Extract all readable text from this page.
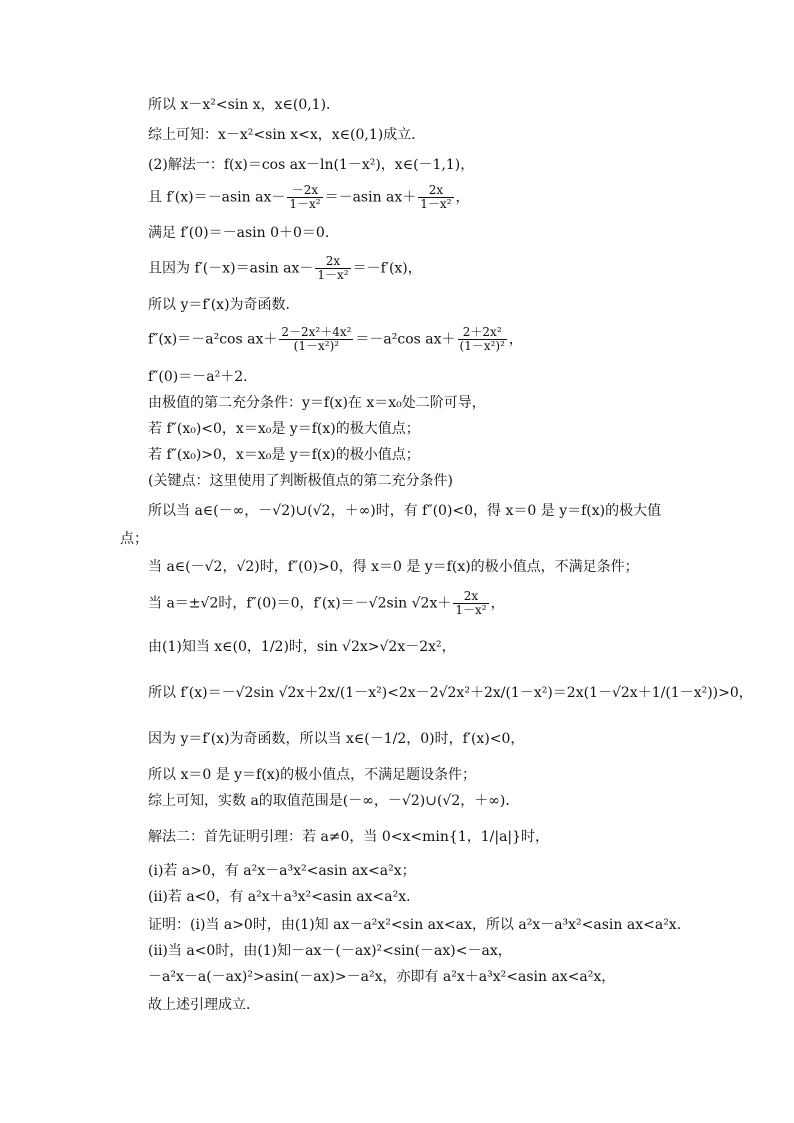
所以 x－x²<sin x，x∈(0,1)．
综上可知：x－x²<sin x<x，x∈(0,1)成立．
(2)解法一：f(x)＝cos ax－ln(1－x²)，x∈(－1,1)，
且 f′(x)＝－asin $ax- \frac{-2x}{\text{1－x²}} =-asin$ $ax+ \frac{2x}{\text{1－x²}}$ ，
满足 f′(0)＝－asin 0＋0＝0.
且因为 f′(－x)＝asin $ax- \frac{2x}{\text{1－x²}} =-f'(x)$，
所以 y＝f′(x)为奇函数．
f″(x)＝－a²cos $ax+ \frac{\text{2－2x²＋4x²}}{\text{(1－x²)²}} =-a^2\cos$ $ax+ \frac{\text{2＋2x²}}{\text{(1－x²)²}}$ ，
f″(0)＝－a²＋2.
由极值的第二充分条件：y＝f(x)在 x＝x₀处二阶可导，
若 f″(x₀)<0，x＝x₀是 y＝f(x)的极大值点；
若 f″(x₀)>0，x＝x₀是 y＝f(x)的极小值点；
(关键点：这里使用了判断极值点的第二充分条件)
所以当 a∈(－∞，－√2)∪(√2，＋∞)时，有 f″(0)<0，得 x＝0 是 y＝f(x)的极大值
点；
当 a∈(－√2，√2)时，f″(0)>0，得 x＝0 是 y＝f(x)的极小值点，不满足条件；
当 a＝±√2时，f″(0)＝0，f′(x)＝－√2sin $√2x+ \frac{2x}{\text{1－x²}}$ ，
由(1)知当 x∈(0，1/2)时，sin √2x>√2x－2x²，
所以 f′(x)＝－√2sin √2x＋2x/(1－x²)<2x－2√2x²＋2x/(1－x²)＝2x(1－√2x＋1/(1－x²))>0，
因为 y＝f′(x)为奇函数，所以当 x∈(－1/2，0)时，f′(x)<0，
所以 x＝0 是 y＝f(x)的极小值点，不满足题设条件；
综上可知，实数 a的取值范围是(－∞，－√2)∪(√2，＋∞)．
解法二：首先证明引理：若 a≠0，当 0<x<min{1，1/|a|}时，
(ⅰ)若 a>0，有 a²x－a³x²<asin ax<a²x；
(ⅱ)若 a<0，有 a²x＋a³x²<asin ax<a²x.
证明：(ⅰ)当 a>0时，由(1)知 ax－a²x²<sin ax<ax，所以 a²x－a³x²<asin ax<a²x.
(ⅱ)当 a<0时，由(1)知－ax－(－ax)²<sin(－ax)<－ax，
－a²x－a(－ax)²>asin(－ax)>－a²x，亦即有 a²x＋a³x²<asin ax<a²x，
故上述引理成立．
